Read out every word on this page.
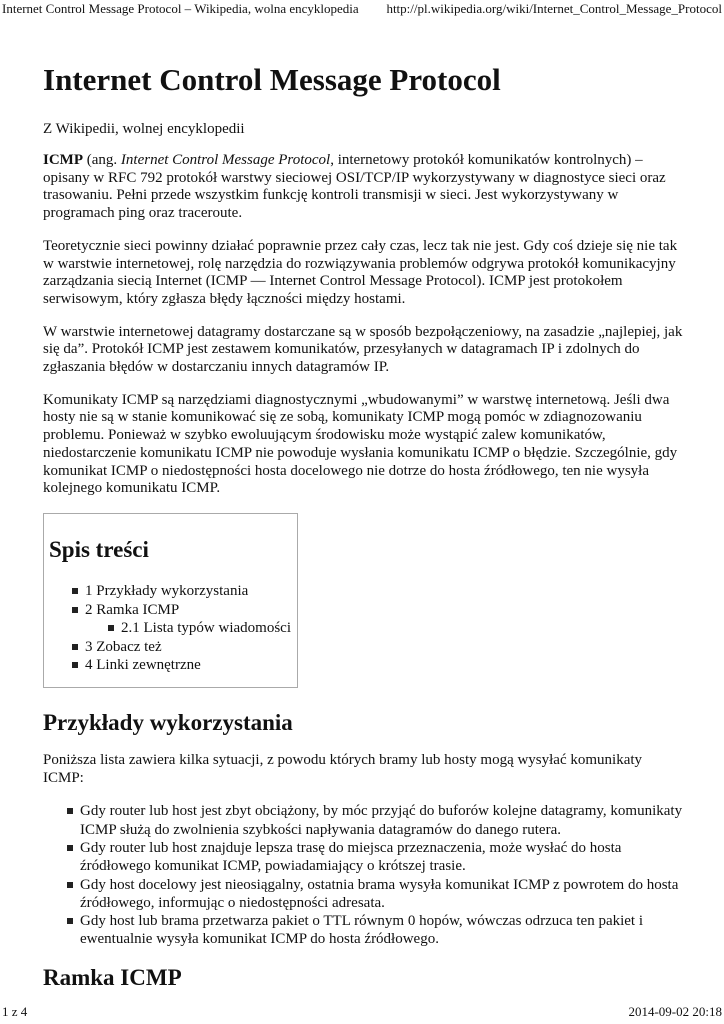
Internet Control Message Protocol – Wikipedia, wolna encyklopedia http://pl.wikipedia.org/wiki/Internet_Control_Message_Protocol
Internet Control Message Protocol
Z Wikipedii, wolnej encyklopedii

ICMP (ang. Internet Control Message Protocol, internetowy protokół komunikatów kontrolnych) – opisany w RFC 792 protokół warstwy sieciowej OSI/TCP/IP wykorzystywany w diagnostyce sieci oraz trasowaniu. Pełni przede wszystkim funkcję kontroli transmisji w sieci. Jest wykorzystywany w programach ping oraz traceroute.

Teoretycznie sieci powinny działać poprawnie przez cały czas, lecz tak nie jest. Gdy coś dzieje się nie tak w warstwie internetowej, rolę narzędzia do rozwiązywania problemów odgrywa protokół komunikacyjny zarządzania siecią Internet (ICMP — Internet Control Message Protocol). ICMP jest protokołem serwisowym, który zgłasza błędy łączności między hostami.

W warstwie internetowej datagramy dostarczane są w sposób bezpołączeniowy, na zasadzie „najlepiej, jak się da”. Protokół ICMP jest zestawem komunikatów, przesyłanych w datagramach IP i zdolnych do zgłaszania błędów w dostarczaniu innych datagramów IP.

Komunikaty ICMP są narzędziami diagnostycznymi „wbudowanymi” w warstwę internetową. Jeśli dwa hosty nie są w stanie komunikować się ze sobą, komunikaty ICMP mogą pomóc w zdiagnozowaniu problemu. Ponieważ w szybko ewoluującym środowisku może wystąpić zalew komunikatów, niedostarczenie komunikatu ICMP nie powoduje wysłania komunikatu ICMP o błędzie. Szczególnie, gdy komunikat ICMP o niedostępności hosta docelowego nie dotrze do hosta źródłowego, ten nie wysyła kolejnego komunikatu ICMP.

Spis treści
1 Przykłady wykorzystania
2 Ramka ICMP
2.1 Lista typów wiadomości
3 Zobacz też
4 Linki zewnętrzne
Przykłady wykorzystania

Poniższa lista zawiera kilka sytuacji, z powodu których bramy lub hosty mogą wysyłać komunikaty ICMP:

Gdy router lub host jest zbyt obciążony, by móc przyjąć do buforów kolejne datagramy, komunikaty ICMP służą do zwolnienia szybkości napływania datagramów do danego rutera.
Gdy router lub host znajduje lepsza trasę do miejsca przeznaczenia, może wysłać do hosta źródłowego komunikat ICMP, powiadamiający o krótszej trasie.
Gdy host docelowy jest nieosiągalny, ostatnia brama wysyła komunikat ICMP z powrotem do hosta źródłowego, informując o niedostępności adresata.
Gdy host lub brama przetwarza pakiet o TTL równym 0 hopów, wówczas odrzuca ten pakiet i ewentualnie wysyła komunikat ICMP do hosta źródłowego.
Ramka ICMP
1 z 4	2014-09-02 20:18
